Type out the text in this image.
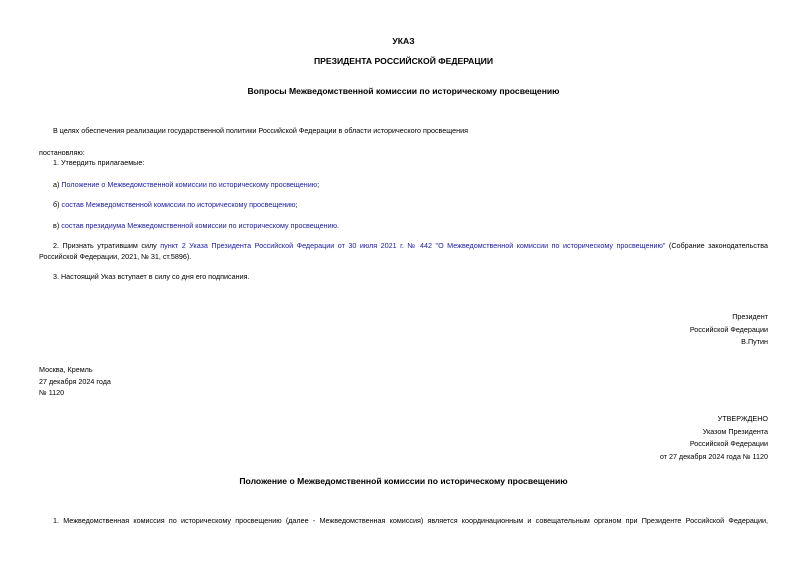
УКАЗ
ПРЕЗИДЕНТА РОССИЙСКОЙ ФЕДЕРАЦИИ
Вопросы Межведомственной комиссии по историческому просвещению
В целях обеспечения реализации государственной политики Российской Федерации в области исторического просвещения
постановляю:
1. Утвердить прилагаемые:
а) Положение о Межведомственной комиссии по историческому просвещению;
б) состав Межведомственной комиссии по историческому просвещению;
в) состав президиума Межведомственной комиссии по историческому просвещению.
2. Признать утратившим силу пункт 2 Указа Президента Российской Федерации от 30 июля 2021 г. № 442 "О Межведомственной комиссии по историческому просвещению" (Собрание законодательства Российской Федерации, 2021, № 31, ст.5896).
3. Настоящий Указ вступает в силу со дня его подписания.
Президент
Российской Федерации
В.Путин
Москва, Кремль
27 декабря 2024 года
№ 1120
УТВЕРЖДЕНО
Указом Президента
Российской Федерации
от 27 декабря 2024 года № 1120
Положение о Межведомственной комиссии по историческому просвещению
1. Межведомственная комиссия по историческому просвещению (далее - Межведомственная комиссия) является координационным и совещательным органом при Президенте Российской Федерации,
